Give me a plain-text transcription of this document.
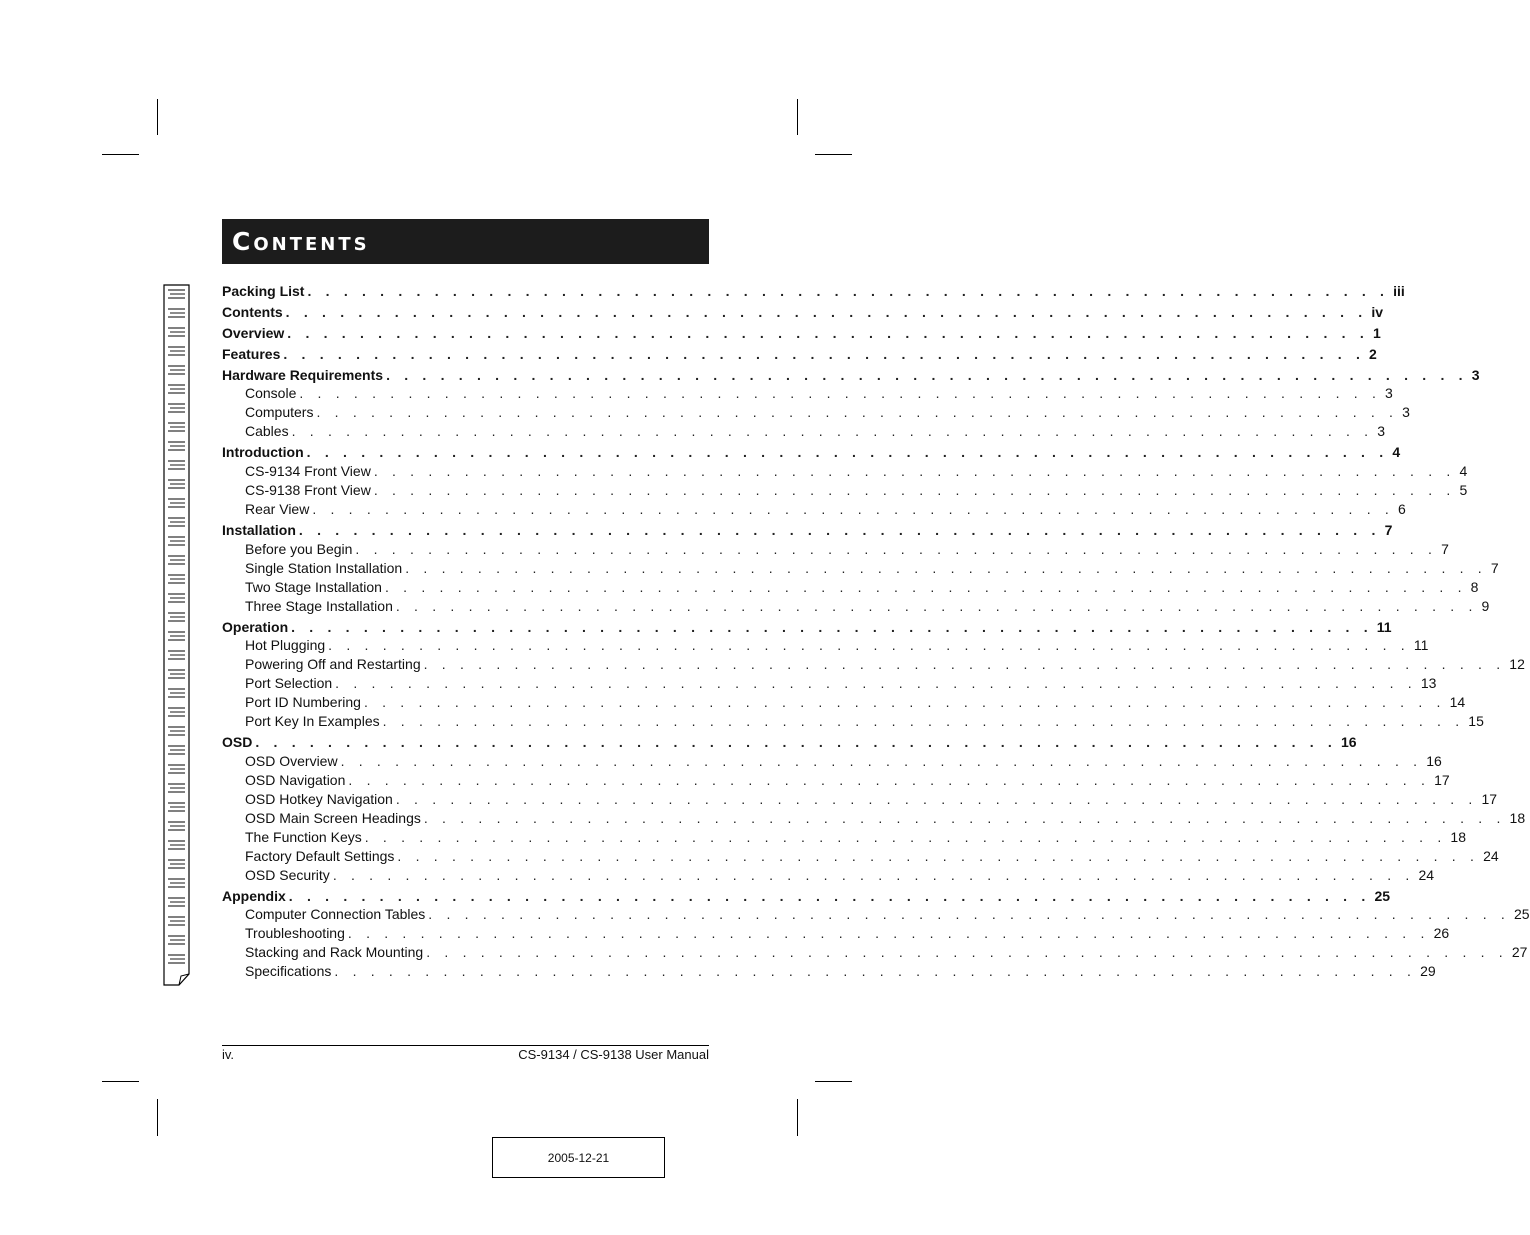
Contents
Packing List . . . . . . . . . . . . . . . . . . . . . . . . . . . . . . . . . . . . . . . . . . . . . . . . . . . . . . . . . . . . iii
Contents . . . . . . . . . . . . . . . . . . . . . . . . . . . . . . . . . . . . . . . . . . . . . . . . . . . . . . . . . . . . iv
Overview . . . . . . . . . . . . . . . . . . . . . . . . . . . . . . . . . . . . . . . . . . . . . . . . . . . . . . . . . . . . 1
Features . . . . . . . . . . . . . . . . . . . . . . . . . . . . . . . . . . . . . . . . . . . . . . . . . . . . . . . . . . . . 2
Hardware Requirements . . . . . . . . . . . . . . . . . . . . . . . . . . . . . . . . . . . . . . . . . . . . . . . . . . . . . . . . . . . . 3
Console . . . . . . . . . . . . . . . . . . . . . . . . . . . . . . . . . . . . . . . . . . . . . . . . . . . . . . . . . . . . 3
Computers . . . . . . . . . . . . . . . . . . . . . . . . . . . . . . . . . . . . . . . . . . . . . . . . . . . . . . . . . . . . 3
Cables . . . . . . . . . . . . . . . . . . . . . . . . . . . . . . . . . . . . . . . . . . . . . . . . . . . . . . . . . . . . 3
Introduction . . . . . . . . . . . . . . . . . . . . . . . . . . . . . . . . . . . . . . . . . . . . . . . . . . . . . . . . . . . . 4
CS-9134 Front View . . . . . . . . . . . . . . . . . . . . . . . . . . . . . . . . . . . . . . . . . . . . . . . . . . . . . . . . . . . . 4
CS-9138 Front View . . . . . . . . . . . . . . . . . . . . . . . . . . . . . . . . . . . . . . . . . . . . . . . . . . . . . . . . . . . . 5
Rear View . . . . . . . . . . . . . . . . . . . . . . . . . . . . . . . . . . . . . . . . . . . . . . . . . . . . . . . . . . . . 6
Installation . . . . . . . . . . . . . . . . . . . . . . . . . . . . . . . . . . . . . . . . . . . . . . . . . . . . . . . . . . . . 7
Before you Begin . . . . . . . . . . . . . . . . . . . . . . . . . . . . . . . . . . . . . . . . . . . . . . . . . . . . . . . . . . . . 7
Single Station Installation . . . . . . . . . . . . . . . . . . . . . . . . . . . . . . . . . . . . . . . . . . . . . . . . . . . . . . . . . . . . 7
Two Stage Installation . . . . . . . . . . . . . . . . . . . . . . . . . . . . . . . . . . . . . . . . . . . . . . . . . . . . . . . . . . . . 8
Three Stage Installation . . . . . . . . . . . . . . . . . . . . . . . . . . . . . . . . . . . . . . . . . . . . . . . . . . . . . . . . . . . . 9
Operation . . . . . . . . . . . . . . . . . . . . . . . . . . . . . . . . . . . . . . . . . . . . . . . . . . . . . . . . . . . . 11
Hot Plugging . . . . . . . . . . . . . . . . . . . . . . . . . . . . . . . . . . . . . . . . . . . . . . . . . . . . . . . . . . . . 11
Powering Off and Restarting . . . . . . . . . . . . . . . . . . . . . . . . . . . . . . . . . . . . . . . . . . . . . . . . . . . . . . . . . . . . 12
Port Selection . . . . . . . . . . . . . . . . . . . . . . . . . . . . . . . . . . . . . . . . . . . . . . . . . . . . . . . . . . . . 13
Port ID Numbering . . . . . . . . . . . . . . . . . . . . . . . . . . . . . . . . . . . . . . . . . . . . . . . . . . . . . . . . . . . . 14
Port Key In Examples . . . . . . . . . . . . . . . . . . . . . . . . . . . . . . . . . . . . . . . . . . . . . . . . . . . . . . . . . . . . 15
OSD . . . . . . . . . . . . . . . . . . . . . . . . . . . . . . . . . . . . . . . . . . . . . . . . . . . . . . . . . . . . 16
OSD Overview . . . . . . . . . . . . . . . . . . . . . . . . . . . . . . . . . . . . . . . . . . . . . . . . . . . . . . . . . . . . 16
OSD Navigation . . . . . . . . . . . . . . . . . . . . . . . . . . . . . . . . . . . . . . . . . . . . . . . . . . . . . . . . . . . . 17
OSD Hotkey Navigation . . . . . . . . . . . . . . . . . . . . . . . . . . . . . . . . . . . . . . . . . . . . . . . . . . . . . . . . . . . . 17
OSD Main Screen Headings . . . . . . . . . . . . . . . . . . . . . . . . . . . . . . . . . . . . . . . . . . . . . . . . . . . . . . . . . . . . 18
The Function Keys . . . . . . . . . . . . . . . . . . . . . . . . . . . . . . . . . . . . . . . . . . . . . . . . . . . . . . . . . . . . 18
Factory Default Settings . . . . . . . . . . . . . . . . . . . . . . . . . . . . . . . . . . . . . . . . . . . . . . . . . . . . . . . . . . . . 24
OSD Security . . . . . . . . . . . . . . . . . . . . . . . . . . . . . . . . . . . . . . . . . . . . . . . . . . . . . . . . . . . . 24
Appendix . . . . . . . . . . . . . . . . . . . . . . . . . . . . . . . . . . . . . . . . . . . . . . . . . . . . . . . . . . . . 25
Computer Connection Tables . . . . . . . . . . . . . . . . . . . . . . . . . . . . . . . . . . . . . . . . . . . . . . . . . . . . . . . . . . . . 25
Troubleshooting . . . . . . . . . . . . . . . . . . . . . . . . . . . . . . . . . . . . . . . . . . . . . . . . . . . . . . . . . . . . 26
Stacking and Rack Mounting . . . . . . . . . . . . . . . . . . . . . . . . . . . . . . . . . . . . . . . . . . . . . . . . . . . . . . . . . . . . 27
Specifications . . . . . . . . . . . . . . . . . . . . . . . . . . . . . . . . . . . . . . . . . . . . . . . . . . . . . . . . . . . . 29
iv.	CS-9134 / CS-9138 User Manual
2005-12-21
